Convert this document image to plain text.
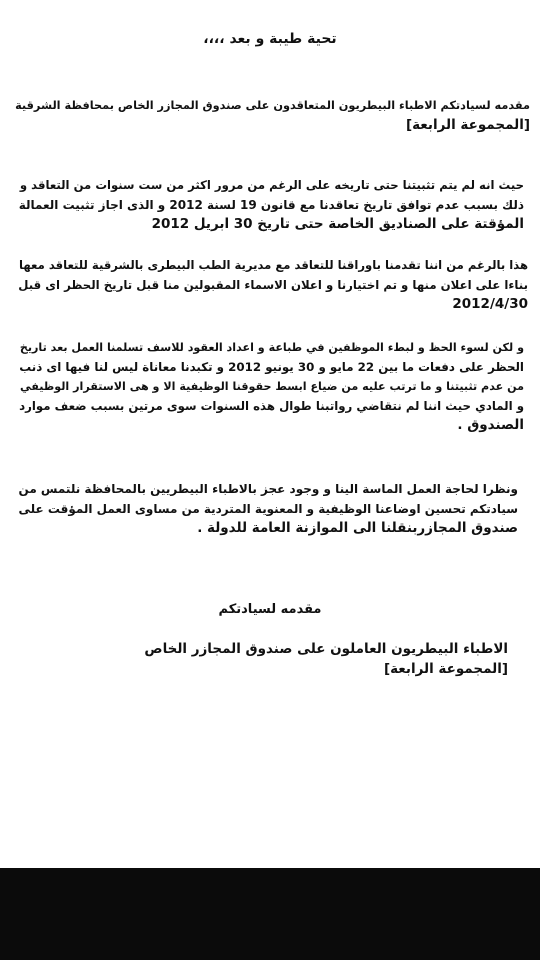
تحية طيبة و بعد ،،،،
مقدمه لسيادتكم الاطباء البيطريون المتعاقدون على صندوق المجازر الخاص بمحافظة الشرقية
[المجموعة الرابعة]
حيث انه لم يتم تثبيتنا حتى تاريخه على الرغم من مرور اكثر من ست سنوات من التعاقد و
ذلك بسبب عدم توافق تاريخ تعاقدنا مع قانون 19 لسنة 2012 و الذى اجاز تثبيت العمالة
المؤقتة على الصناديق الخاصة حتى تاريخ 30 ابريل 2012
هذا بالرغم من اننا تقدمنا باوراقنا للتعاقد مع مديرية الطب البيطرى بالشرقية للتعاقد معها
بناءا على اعلان منها و تم اختيارنا و اعلان الاسماء المقبولين منا قبل تاريخ الحظر اى قبل
2012/4/30
و لكن لسوء الحظ و لبطء الموظفين في طباعة و اعداد العقود للاسف تسلمنا العمل بعد تاريخ
الحظر على دفعات ما بين 22 مايو و 30 يونيو 2012 و تكبدنا معاناة ليس لنا فيها اى ذنب
من عدم تثبيتنا و ما ترتب عليه من ضياع ابسط حقوقنا الوظيفية الا و هى الاستقرار الوظيفي
و المادي حيث اننا لم نتقاضي رواتبنا طوال هذه السنوات سوى مرتين بسبب ضعف موارد
الصندوق .
ونظرا لحاجة العمل الماسة الينا و وجود عجز بالاطباء البيطريين بالمحافظة نلتمس من
سيادتكم تحسين اوضاعنا الوظيفية و المعنوية المتردية من مساوى العمل المؤقت على
صندوق المجازربنقلنا الى الموازنة العامة للدولة .
مقدمه لسيادتكم
الاطباء البيطريون العاملون على صندوق المجازر الخاص
[المجموعة الرابعة]
